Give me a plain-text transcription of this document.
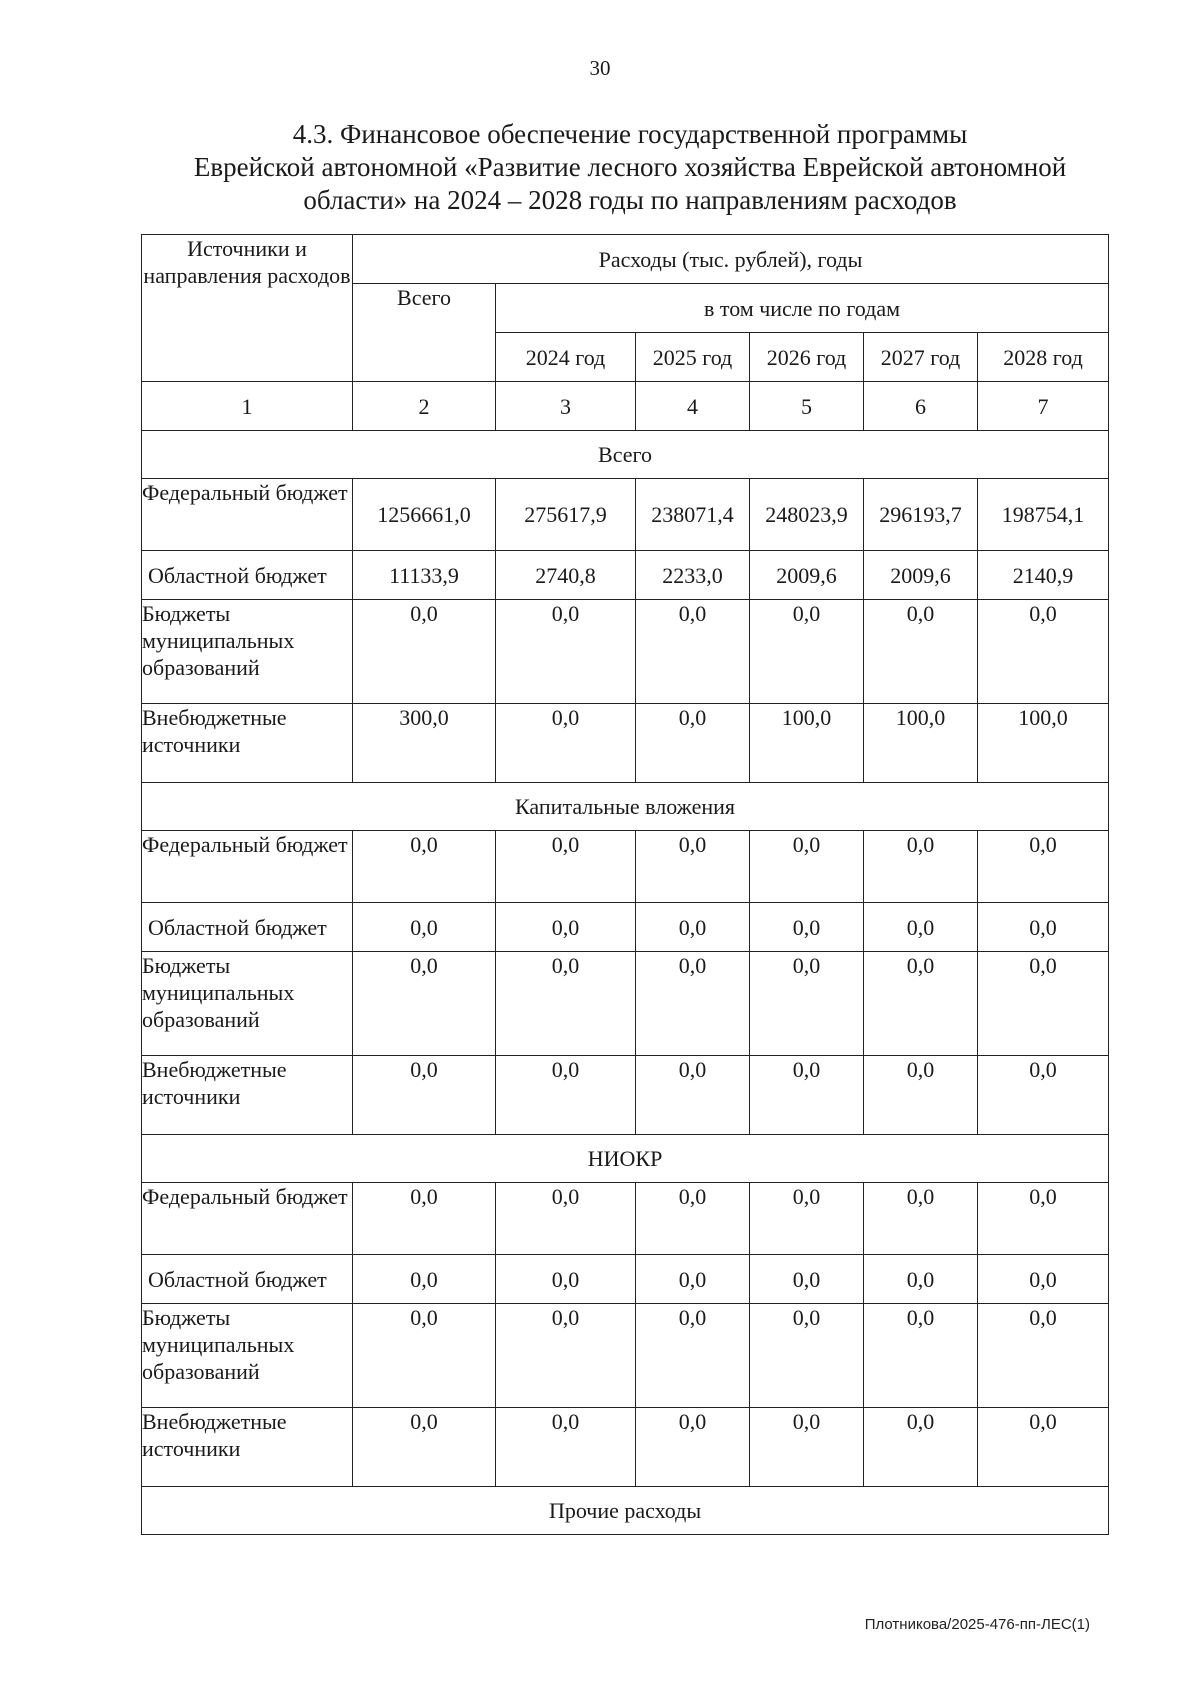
30
4.3. Финансовое обеспечение государственной программы
Еврейской автономной «Развитие лесного хозяйства Еврейской автономной
области» на 2024 – 2028 годы по направлениям расходов
Источники и направления расходов	Расходы (тыс. рублей), годы					
	Всего	в том числе по годам				
		2024 год	2025 год	2026 год	2027 год	2028 год
1	2	3	4	5	6	7
Всего						
Федеральный бюджет	1256661,0	275617,9	238071,4	248023,9	296193,7	198754,1
Областной бюджет	11133,9	2740,8	2233,0	2009,6	2009,6	2140,9
Бюджеты муниципальных образований	0,0	0,0	0,0	0,0	0,0	0,0
Внебюджетные источники	300,0	0,0	0,0	100,0	100,0	100,0
Капитальные вложения						
Федеральный бюджет	0,0	0,0	0,0	0,0	0,0	0,0
Областной бюджет	0,0	0,0	0,0	0,0	0,0	0,0
Бюджеты муниципальных образований	0,0	0,0	0,0	0,0	0,0	0,0
Внебюджетные источники	0,0	0,0	0,0	0,0	0,0	0,0
НИОКР						
Федеральный бюджет	0,0	0,0	0,0	0,0	0,0	0,0
Областной бюджет	0,0	0,0	0,0	0,0	0,0	0,0
Бюджеты муниципальных образований	0,0	0,0	0,0	0,0	0,0	0,0
Внебюджетные источники	0,0	0,0	0,0	0,0	0,0	0,0
Прочие расходы						
Плотникова/2025-476-пп-ЛЕС(1)
